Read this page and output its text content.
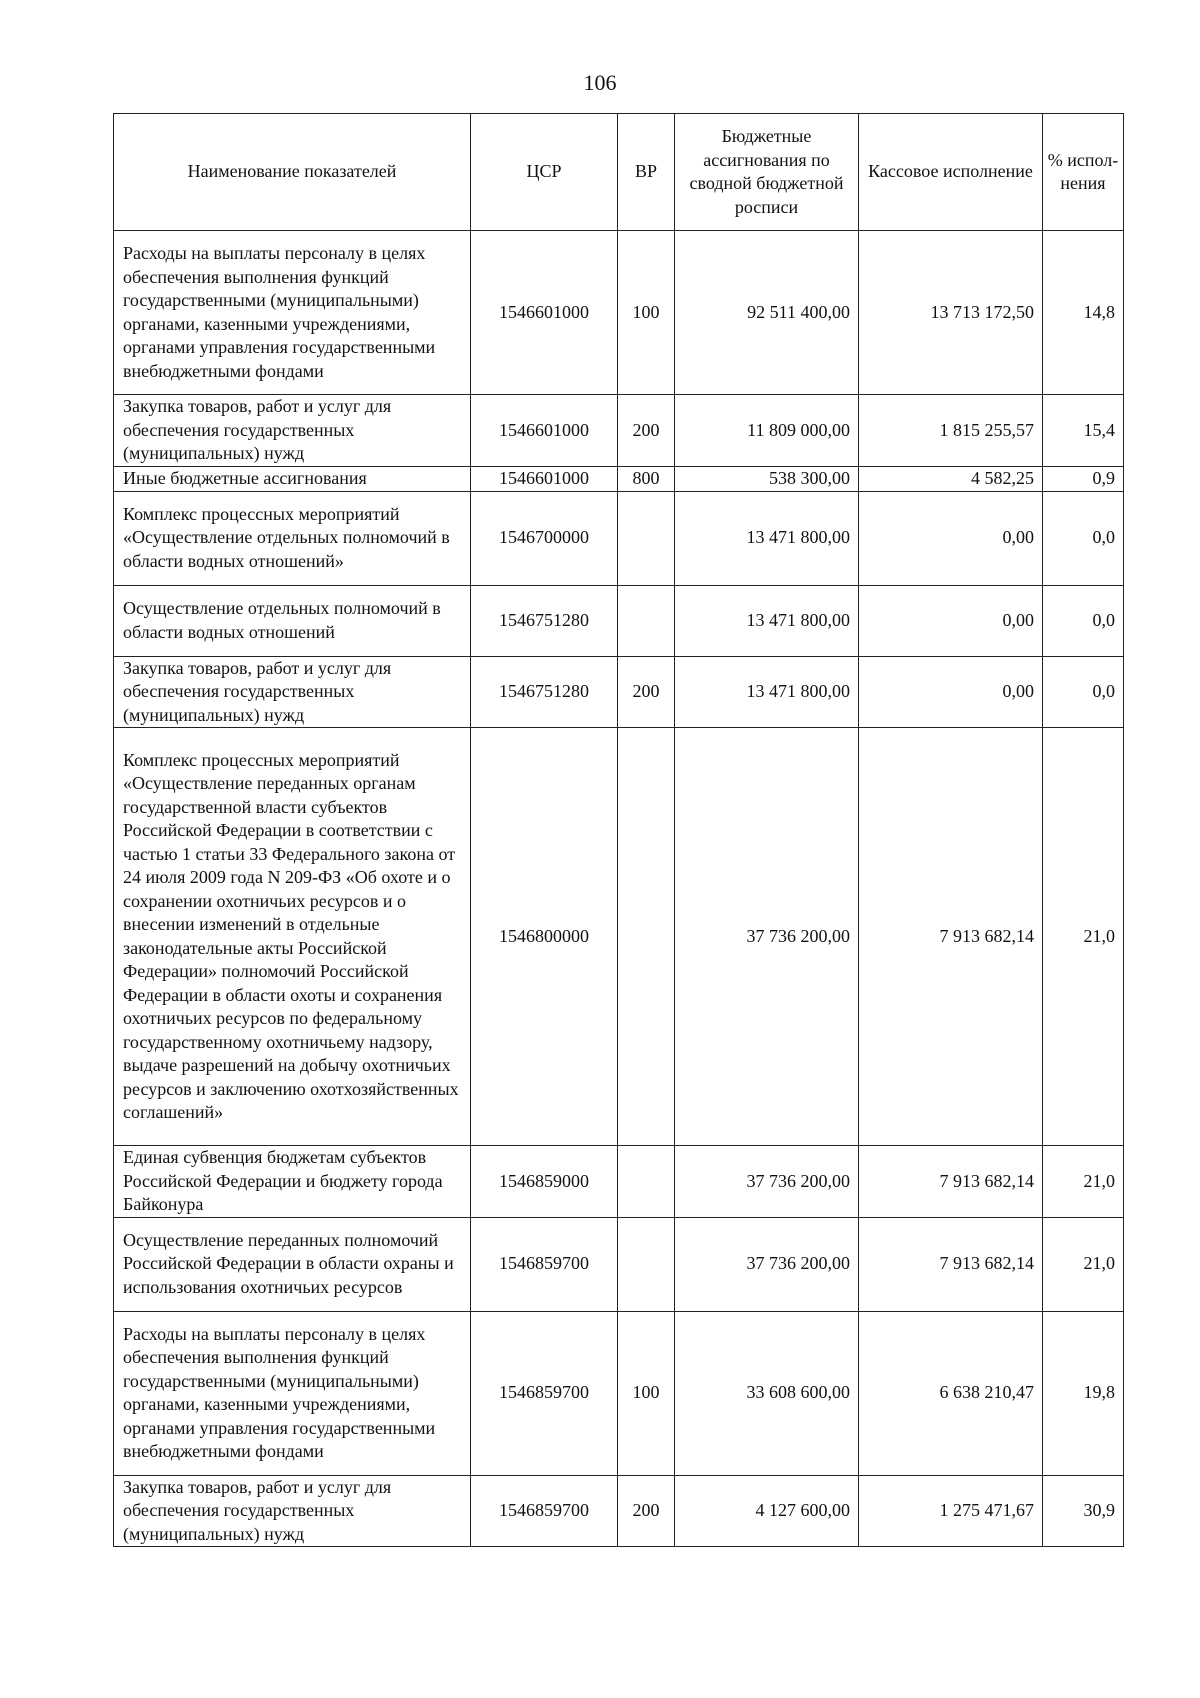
106
Наименование показателей	ЦСР	ВР	Бюджетные ассигнования по сводной бюджетной росписи	Кассовое исполнение	% испол-нения
Расходы на выплаты персоналу в целях обеспечения выполнения функций государственными (муниципальными) органами, казенными учреждениями, органами управления государственными внебюджетными фондами	1546601000	100	92 511 400,00	13 713 172,50	14,8
Закупка товаров, работ и услуг для обеспечения государственных (муниципальных) нужд	1546601000	200	11 809 000,00	1 815 255,57	15,4
Иные бюджетные ассигнования	1546601000	800	538 300,00	4 582,25	0,9
Комплекс процессных мероприятий «Осуществление отдельных полномочий в области водных отношений»	1546700000		13 471 800,00	0,00	0,0
Осуществление отдельных полномочий в области водных отношений	1546751280		13 471 800,00	0,00	0,0
Закупка товаров, работ и услуг для обеспечения государственных (муниципальных) нужд	1546751280	200	13 471 800,00	0,00	0,0
Комплекс процессных мероприятий «Осуществление переданных органам государственной власти субъектов Российской Федерации в соответствии с частью 1 статьи 33 Федерального закона от 24 июля 2009 года N 209-ФЗ «Об охоте и о сохранении охотничьих ресурсов и о внесении изменений в отдельные законодательные акты Российской Федерации» полномочий Российской Федерации в области охоты и сохранения охотничьих ресурсов по федеральному государственному охотничьему надзору, выдаче разрешений на добычу охотничьих ресурсов и заключению охотхозяйственных соглашений»	1546800000		37 736 200,00	7 913 682,14	21,0
Единая субвенция бюджетам субъектов Российской Федерации и бюджету города Байконура	1546859000		37 736 200,00	7 913 682,14	21,0
Осуществление переданных полномочий Российской Федерации в области охраны и использования охотничьих ресурсов	1546859700		37 736 200,00	7 913 682,14	21,0
Расходы на выплаты персоналу в целях обеспечения выполнения функций государственными (муниципальными) органами, казенными учреждениями, органами управления государственными внебюджетными фондами	1546859700	100	33 608 600,00	6 638 210,47	19,8
Закупка товаров, работ и услуг для обеспечения государственных (муниципальных) нужд	1546859700	200	4 127 600,00	1 275 471,67	30,9
